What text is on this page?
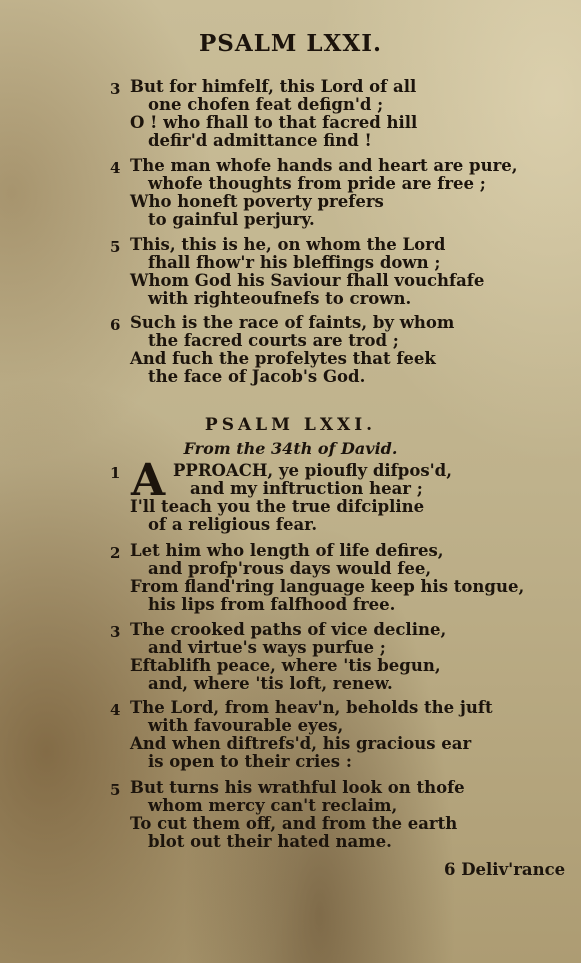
PSALM LXXI.
3 But for himfelf, this Lord of all
one chofen feat defign'd ;
O ! who fhall to that facred hill
defir'd admittance find !
4 The man whofe hands and heart are pure,
whofe thoughts from pride are free ;
Who honeft poverty prefers
to gainful perjury.
5 This, this is he, on whom the Lord
fhall fhow'r his bleffings down ;
Whom God his Saviour fhall vouchfafe
with righteoufnefs to crown.
6 Such is the race of faints, by whom
the facred courts are trod ;
And fuch the profelytes that feek
the face of Jacob's God.
PSALM LXXI.
From the 34th of David.
A
1	PPROACH, ye pioufly difpos'd,
and my inftruction hear ;
I'll teach you the true difcipline
of a religious fear.
2 Let him who length of life defires,
and profp'rous days would fee,
From fland'ring language keep his tongue,
his lips from falfhood free.
3 The crooked paths of vice decline,
and virtue's ways purfue ;
Eftablifh peace, where 'tis begun,
and, where 'tis loft, renew.
4 The Lord, from heav'n, beholds the juft
with favourable eyes,
And when diftrefs'd, his gracious ear
is open to their cries :
5 But turns his wrathful look on thofe
whom mercy can't reclaim,
To cut them off, and from the earth
blot out their hated name.
6 Deliv'rance
